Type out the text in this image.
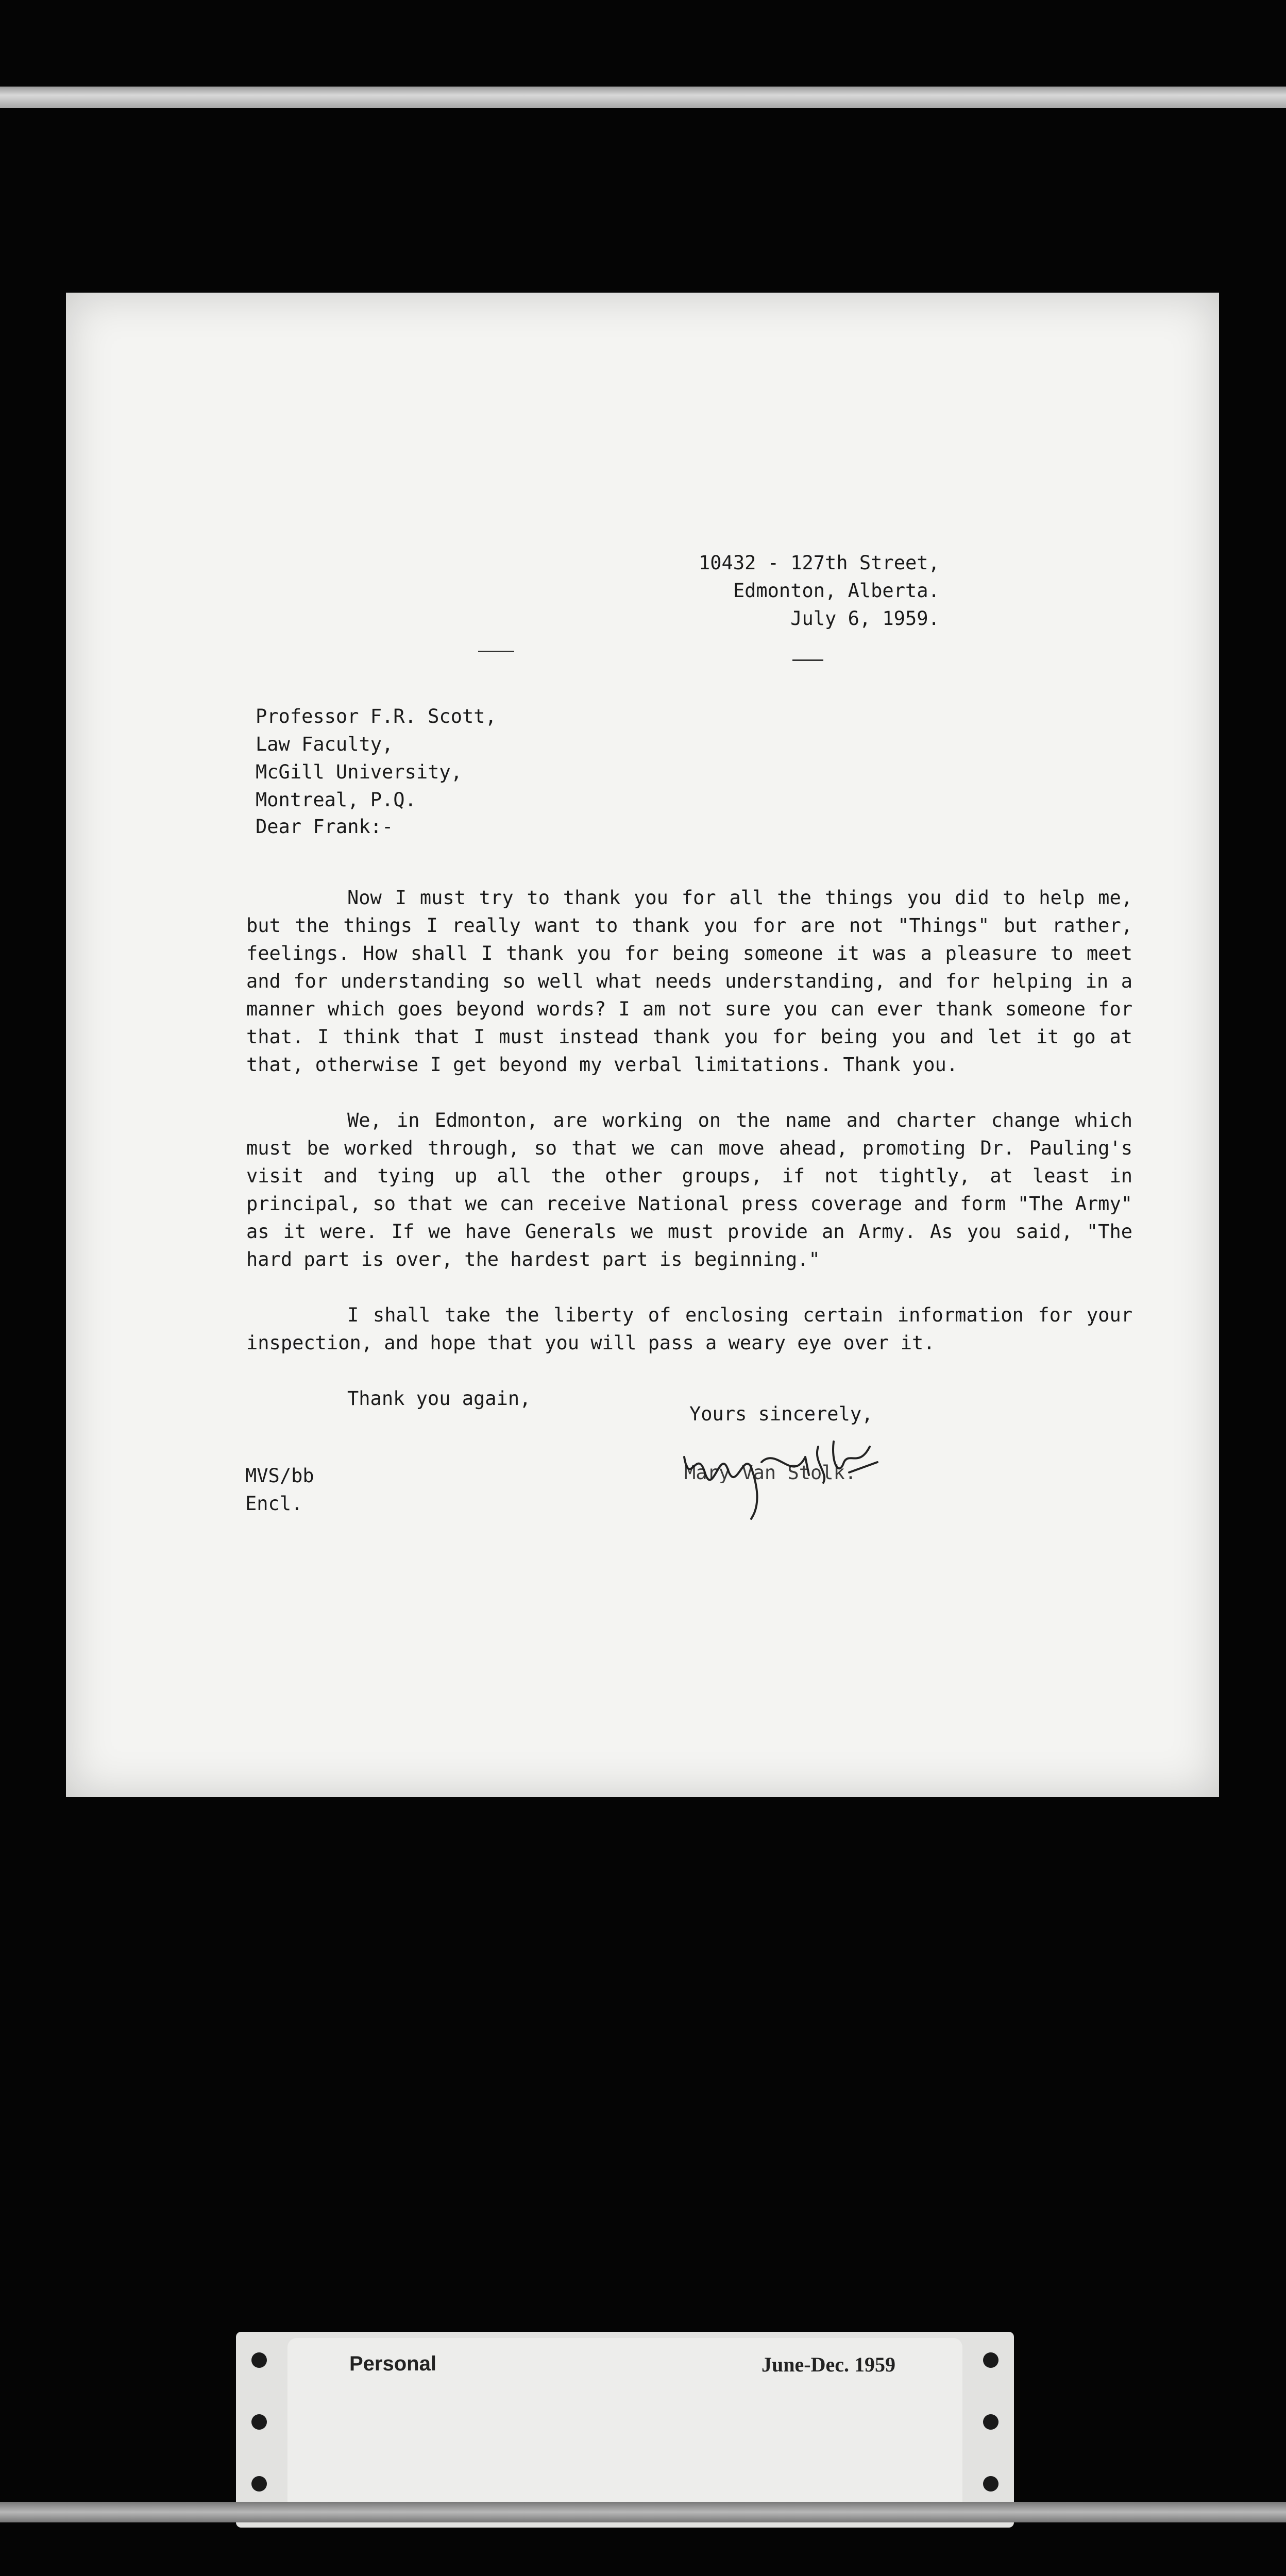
10432 - 127th Street,
Edmonton, Alberta.
July 6, 1959.
Professor F.R. Scott,
Law Faculty,
McGill University,
Montreal, P.Q.
Dear Frank:-

Now I must try to thank you for all the things you did to help me, but the things I really want to thank you for are not "Things" but rather, feelings. How shall I thank you for being someone it was a pleasure to meet and for understanding so well what needs understanding, and for helping in a manner which goes beyond words? I am not sure you can ever thank someone for that. I think that I must instead thank you for being you and let it go at that, otherwise I get beyond my verbal limitations. Thank you.

We, in Edmonton, are working on the name and charter change which must be worked through, so that we can move ahead, promoting Dr. Pauling's visit and tying up all the other groups, if not tightly, at least in principal, so that we can receive National press coverage and form "The Army" as it were. If we have Generals we must provide an Army. As you said, "The hard part is over, the hardest part is beginning."

I shall take the liberty of enclosing certain information for your inspection, and hope that you will pass a weary eye over it.

Thank you again,

Yours sincerely,
Mary Van Stolk.
MVS/bb
Encl.
Personal	June-Dec. 1959
